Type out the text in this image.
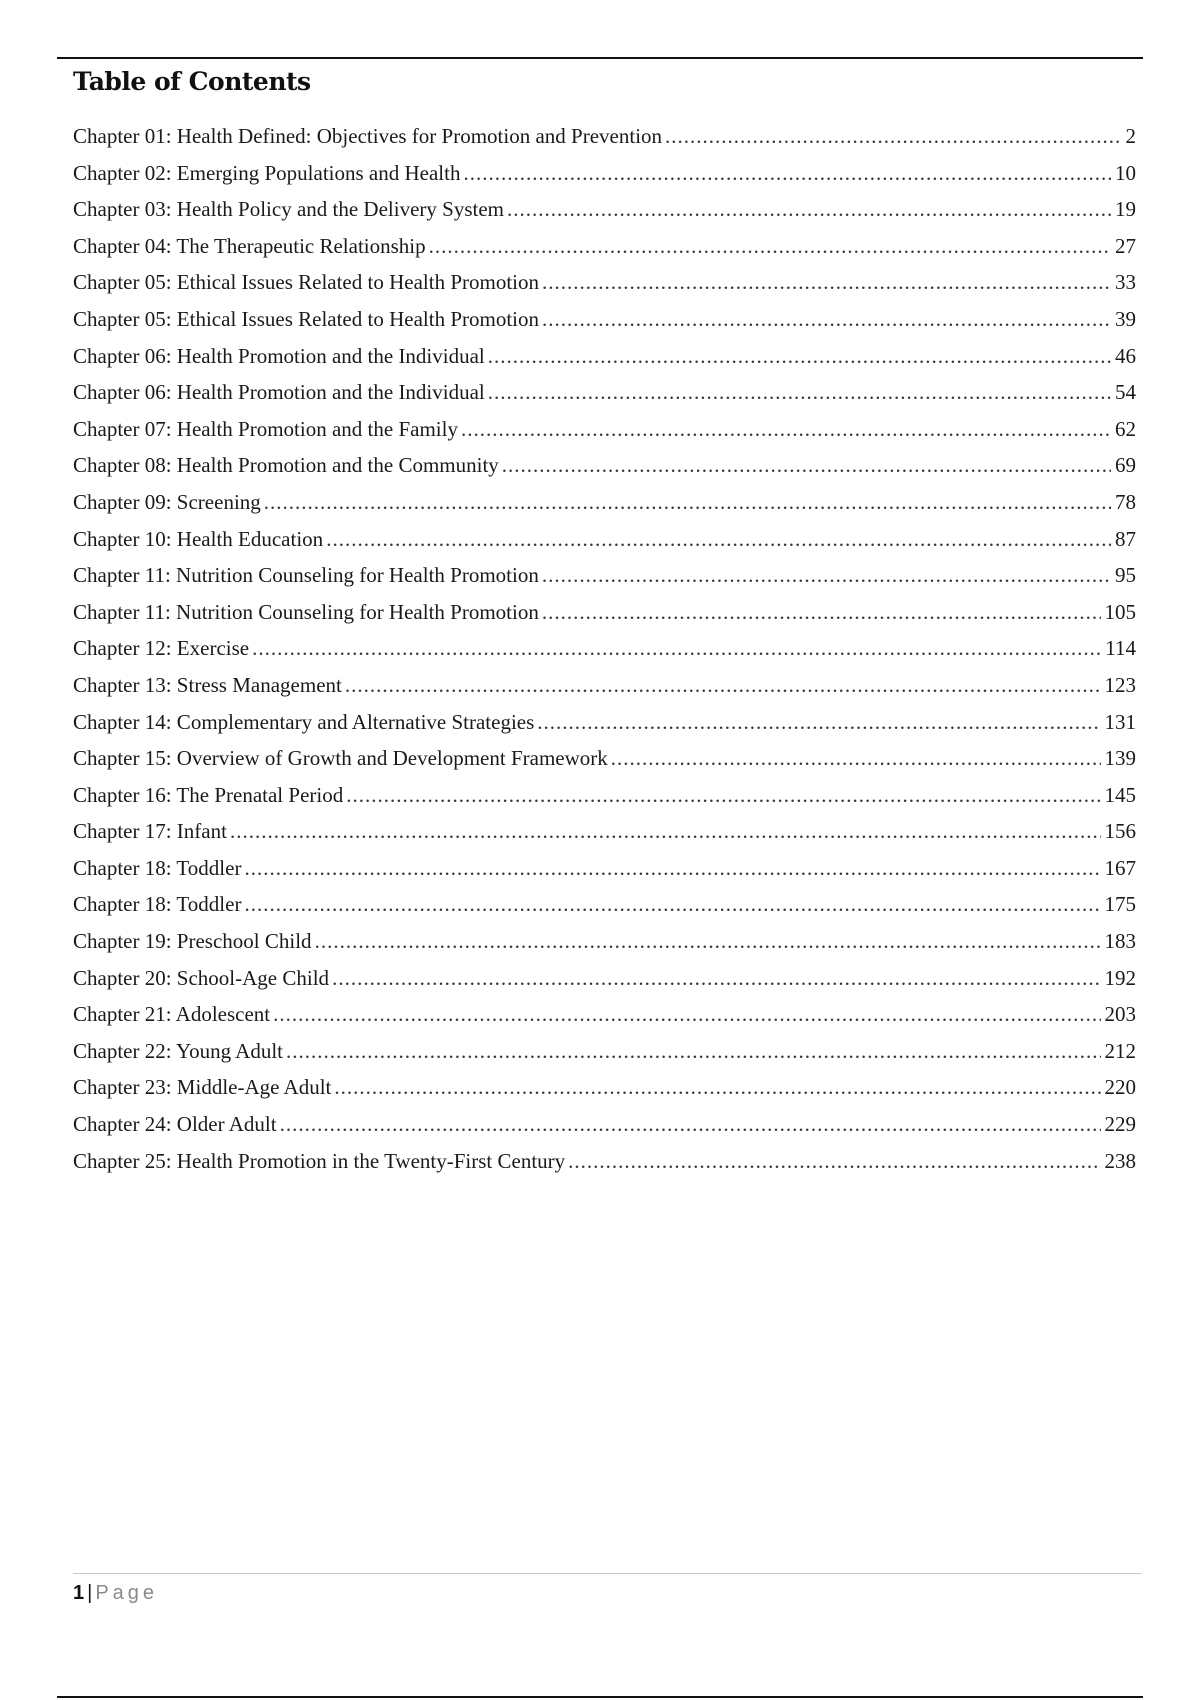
Table of Contents
Chapter 01: Health Defined: Objectives for Promotion and Prevention .....	2
Chapter 02: Emerging Populations and Health .....	10
Chapter 03: Health Policy and the Delivery System .....	19
Chapter 04: The Therapeutic Relationship .....	27
Chapter 05: Ethical Issues Related to Health Promotion .....	33
Chapter 05: Ethical Issues Related to Health Promotion .....	39
Chapter 06: Health Promotion and the Individual .....	46
Chapter 06: Health Promotion and the Individual .....	54
Chapter 07: Health Promotion and the Family .....	62
Chapter 08: Health Promotion and the Community .....	69
Chapter 09: Screening .....	78
Chapter 10: Health Education .....	87
Chapter 11: Nutrition Counseling for Health Promotion .....	95
Chapter 11: Nutrition Counseling for Health Promotion .....	105
Chapter 12: Exercise .....	114
Chapter 13: Stress Management .....	123
Chapter 14: Complementary and Alternative Strategies .....	131
Chapter 15: Overview of Growth and Development Framework .....	139
Chapter 16: The Prenatal Period .....	145
Chapter 17: Infant .....	156
Chapter 18: Toddler .....	167
Chapter 18: Toddler .....	175
Chapter 19: Preschool Child .....	183
Chapter 20: School-Age Child .....	192
Chapter 21: Adolescent .....	203
Chapter 22: Young Adult .....	212
Chapter 23: Middle-Age Adult .....	220
Chapter 24: Older Adult .....	229
Chapter 25: Health Promotion in the Twenty-First Century .....	238
1 | Page
